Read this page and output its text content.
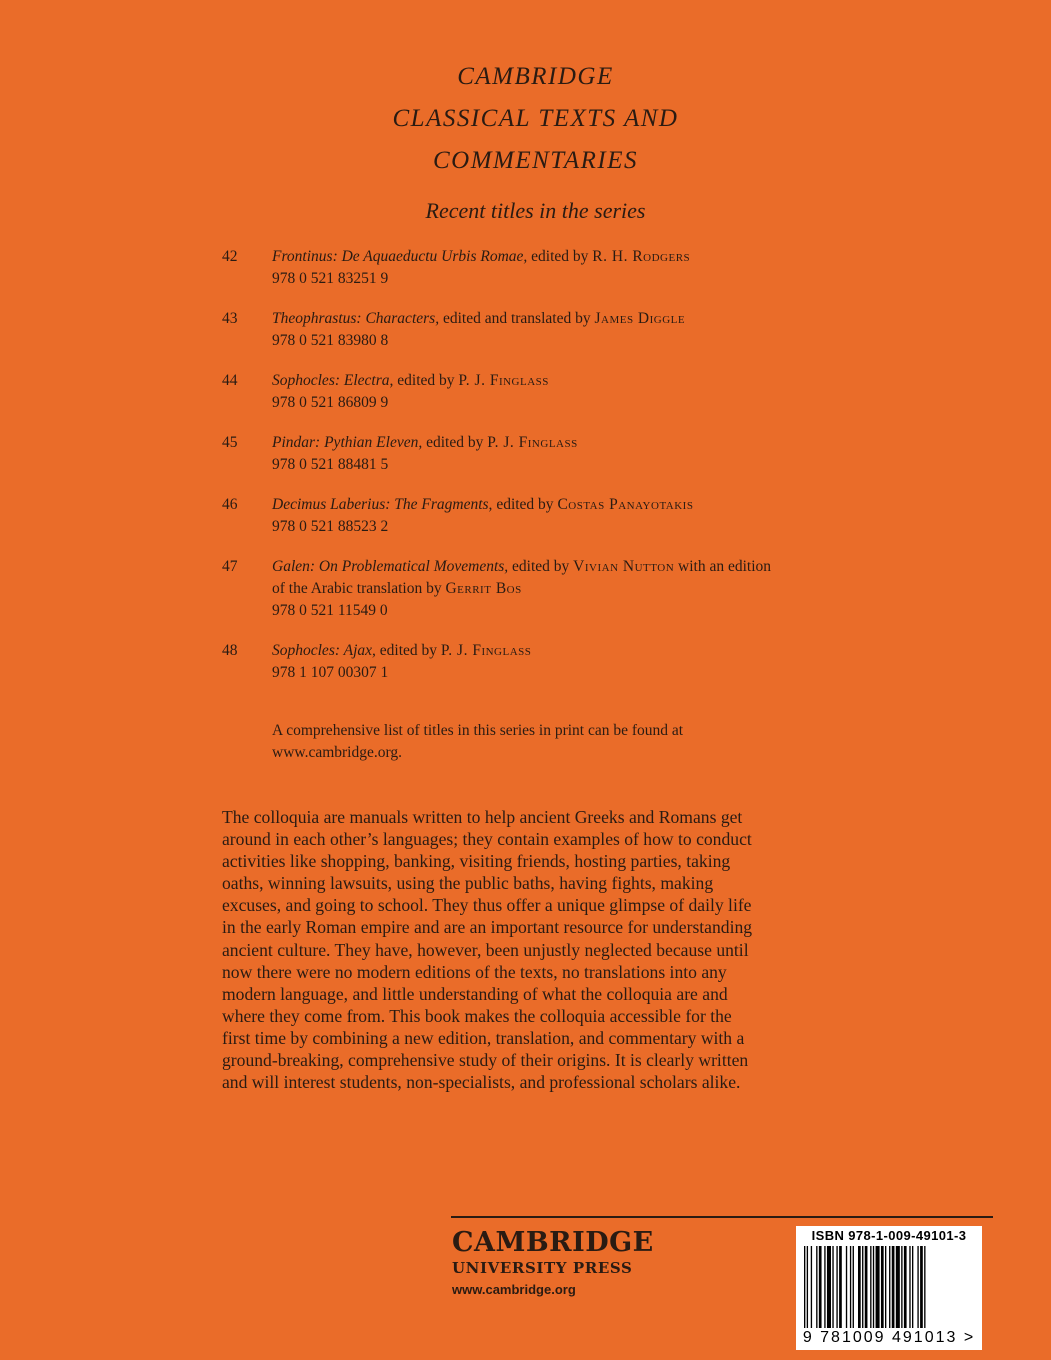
CAMBRIDGE
CLASSICAL TEXTS AND
COMMENTARIES
Recent titles in the series
42 Frontinus: De Aquaeductu Urbis Romae, edited by R. H. Rodgers
978 0 521 83251 9
43 Theophrastus: Characters, edited and translated by James Diggle
978 0 521 83980 8
44 Sophocles: Electra, edited by P. J. Finglass
978 0 521 86809 9
45 Pindar: Pythian Eleven, edited by P. J. Finglass
978 0 521 88481 5
46 Decimus Laberius: The Fragments, edited by Costas Panayotakis
978 0 521 88523 2
47 Galen: On Problematical Movements, edited by Vivian Nutton with an edition of the Arabic translation by Gerrit Bos
978 0 521 11549 0
48 Sophocles: Ajax, edited by P. J. Finglass
978 1 107 00307 1
A comprehensive list of titles in this series in print can be found at www.cambridge.org.
The colloquia are manuals written to help ancient Greeks and Romans get around in each other’s languages; they contain examples of how to conduct activities like shopping, banking, visiting friends, hosting parties, taking oaths, winning lawsuits, using the public baths, having fights, making excuses, and going to school. They thus offer a unique glimpse of daily life in the early Roman empire and are an important resource for understanding ancient culture. They have, however, been unjustly neglected because until now there were no modern editions of the texts, no translations into any modern language, and little understanding of what the colloquia are and where they come from. This book makes the colloquia accessible for the first time by combining a new edition, translation, and commentary with a ground-breaking, comprehensive study of their origins. It is clearly written and will interest students, non-specialists, and professional scholars alike.
CAMBRIDGE
UNIVERSITY PRESS
www.cambridge.org
ISBN 978-1-009-49101-3
9 781009 491013 >
